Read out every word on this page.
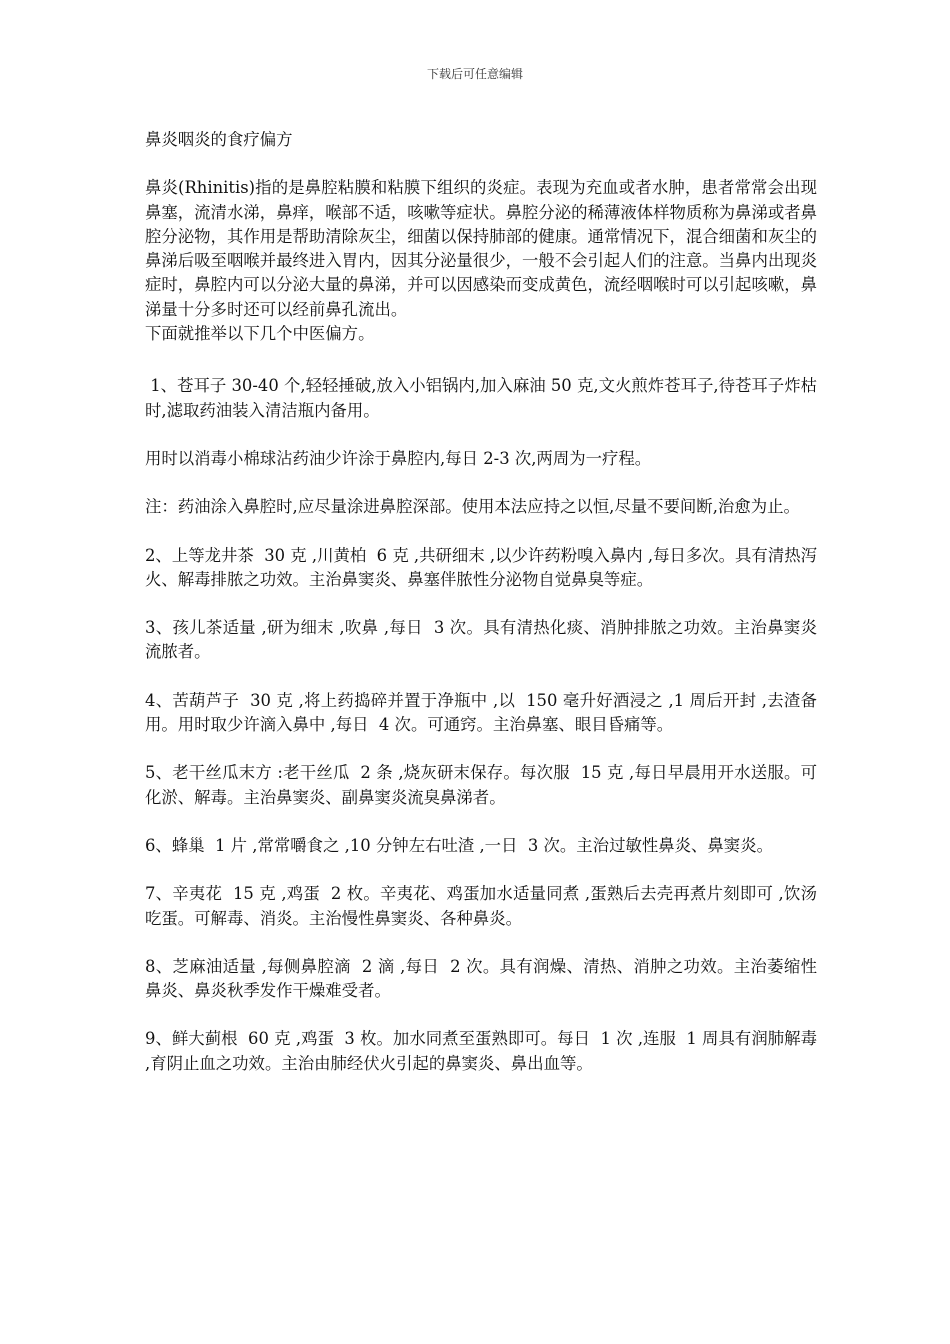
下载后可任意编辑

鼻炎咽炎的食疗偏方

鼻炎(Rhinitis)指的是鼻腔粘膜和粘膜下组织的炎症。表现为充血或者水肿，患者常常会出现鼻塞，流清水涕，鼻痒，喉部不适，咳嗽等症状。鼻腔分泌的稀薄液体样物质称为鼻涕或者鼻腔分泌物，其作用是帮助清除灰尘，细菌以保持肺部的健康。通常情况下，混合细菌和灰尘的鼻涕后吸至咽喉并最终进入胃内，因其分泌量很少，一般不会引起人们的注意。当鼻内出现炎症时，鼻腔内可以分泌大量的鼻涕，并可以因感染而变成黄色，流经咽喉时可以引起咳嗽，鼻涕量十分多时还可以经前鼻孔流出。

下面就推举以下几个中医偏方。

1、苍耳子 30-40 个,轻轻捶破,放入小铝锅内,加入麻油 50 克,文火煎炸苍耳子,待苍耳子炸枯时,滤取药油装入清洁瓶内备用。

用时以消毒小棉球沾药油少许涂于鼻腔内,每日 2-3 次,两周为一疗程。

注：药油涂入鼻腔时,应尽量涂进鼻腔深部。使用本法应持之以恒,尽量不要间断,治愈为止。

2、上等龙井茶  30 克 ,川黄柏  6 克 ,共研细末 ,以少许药粉嗅入鼻内 ,每日多次。具有清热泻火、解毒排脓之功效。主治鼻窦炎、鼻塞伴脓性分泌物自觉鼻臭等症。

3、孩儿茶适量 ,研为细末 ,吹鼻 ,每日  3 次。具有清热化痰、消肿排脓之功效。主治鼻窦炎流脓者。

4、苦葫芦子  30 克 ,将上药捣碎并置于净瓶中 ,以  150 毫升好酒浸之 ,1 周后开封 ,去渣备用。用时取少许滴入鼻中 ,每日  4 次。可通窍。主治鼻塞、眼目昏痛等。

5、老干丝瓜末方 :老干丝瓜  2 条 ,烧灰研末保存。每次服  15 克 ,每日早晨用开水送服。可化淤、解毒。主治鼻窦炎、副鼻窦炎流臭鼻涕者。

6、蜂巢  1 片 ,常常嚼食之 ,10 分钟左右吐渣 ,一日  3 次。主治过敏性鼻炎、鼻窦炎。

7、辛夷花  15 克 ,鸡蛋  2 枚。辛夷花、鸡蛋加水适量同煮 ,蛋熟后去壳再煮片刻即可 ,饮汤吃蛋。可解毒、消炎。主治慢性鼻窦炎、各种鼻炎。

8、芝麻油适量 ,每侧鼻腔滴  2 滴 ,每日  2 次。具有润燥、清热、消肿之功效。主治萎缩性鼻炎、鼻炎秋季发作干燥难受者。

9、鲜大蓟根  60 克 ,鸡蛋  3 枚。加水同煮至蛋熟即可。每日  1 次 ,连服  1 周具有润肺解毒 ,育阴止血之功效。主治由肺经伏火引起的鼻窦炎、鼻出血等。
